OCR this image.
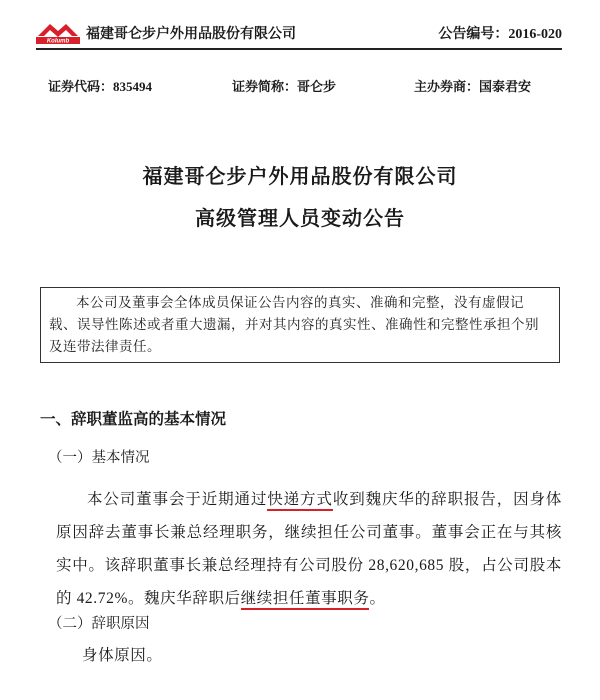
Kolumb 福建哥仑步户外用品股份有限公司	公告编号：2016-020
证券代码：835494	证券简称：哥仑步	主办券商：国泰君安
福建哥仑步户外用品股份有限公司
高级管理人员变动公告
本公司及董事会全体成员保证公告内容的真实、准确和完整，没有虚假记载、误导性陈述或者重大遗漏，并对其内容的真实性、准确性和完整性承担个别及连带法律责任。
一、辞职董监高的基本情况
（一）基本情况
本公司董事会于近期通过快递方式收到魏庆华的辞职报告，因身体原因辞去董事长兼总经理职务，继续担任公司董事。董事会正在与其核实中。该辞职董事长兼总经理持有公司股份 28,620,685 股，占公司股本的 42.72%。魏庆华辞职后继续担任董事职务。
（二）辞职原因
身体原因。
